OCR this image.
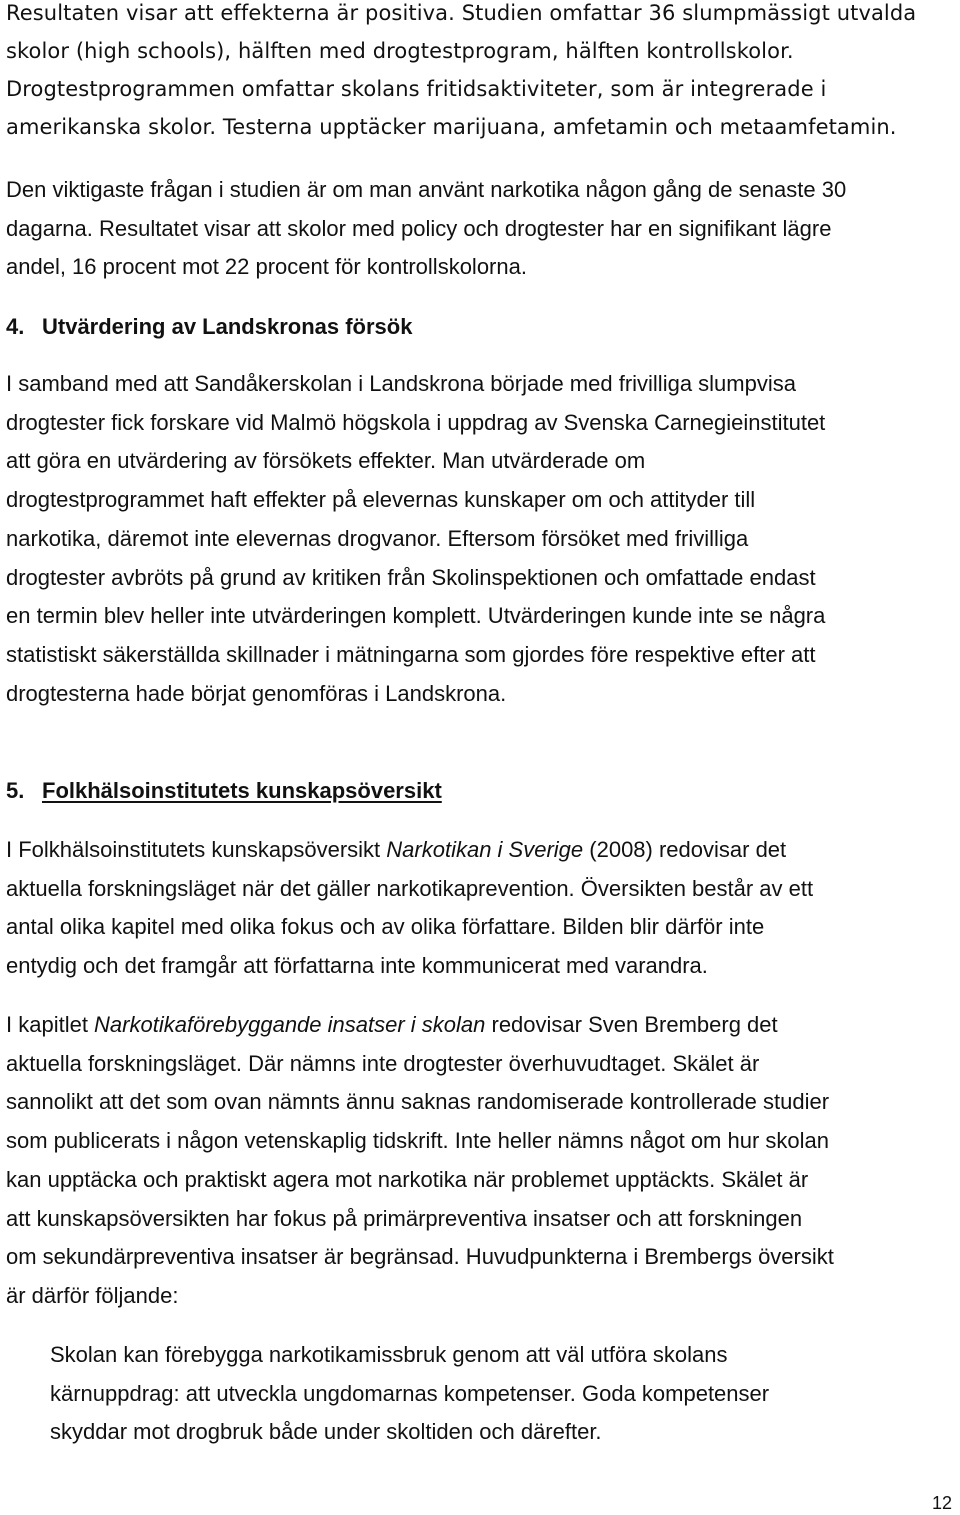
Resultaten visar att effekterna är positiva. Studien omfattar 36 slumpmässigt utvalda
skolor (high schools), hälften med drogtestprogram, hälften kontrollskolor.
Drogtestprogrammen omfattar skolans fritidsaktiviteter, som är integrerade i
amerikanska skolor. Testerna upptäcker marijuana, amfetamin och metaamfetamin.

Den viktigaste frågan i studien är om man använt narkotika någon gång de senaste 30
dagarna. Resultatet visar att skolor med policy och drogtester har en signifikant lägre
andel, 16 procent mot 22 procent för kontrollskolorna.

4. Utvärdering av Landskronas försök

I samband med att Sandåkerskolan i Landskrona började med frivilliga slumpvisa
drogtester fick forskare vid Malmö högskola i uppdrag av Svenska Carnegieinstitutet
att göra en utvärdering av försökets effekter. Man utvärderade om
drogtestprogrammet haft effekter på elevernas kunskaper om och attityder till
narkotika, däremot inte elevernas drogvanor. Eftersom försöket med frivilliga
drogtester avbröts på grund av kritiken från Skolinspektionen och omfattade endast
en termin blev heller inte utvärderingen komplett. Utvärderingen kunde inte se några
statistiskt säkerställda skillnader i mätningarna som gjordes före respektive efter att
drogtesterna hade börjat genomföras i Landskrona.

5. Folkhälsoinstitutets kunskapsöversikt

I Folkhälsoinstitutets kunskapsöversikt Narkotikan i Sverige (2008) redovisar det
aktuella forskningsläget när det gäller narkotikaprevention. Översikten består av ett
antal olika kapitel med olika fokus och av olika författare. Bilden blir därför inte
entydig och det framgår att författarna inte kommunicerat med varandra.

I kapitlet Narkotikaförebyggande insatser i skolan redovisar Sven Bremberg det
aktuella forskningsläget. Där nämns inte drogtester överhuvudtaget. Skälet är
sannolikt att det som ovan nämnts ännu saknas randomiserade kontrollerade studier
som publicerats i någon vetenskaplig tidskrift. Inte heller nämns något om hur skolan
kan upptäcka och praktiskt agera mot narkotika när problemet upptäckts. Skälet är
att kunskapsöversikten har fokus på primärpreventiva insatser och att forskningen
om sekundärpreventiva insatser är begränsad. Huvudpunkterna i Brembergs översikt
är därför följande:

Skolan kan förebygga narkotikamissbruk genom att väl utföra skolans
kärnuppdrag: att utveckla ungdomarnas kompetenser. Goda kompetenser
skyddar mot drogbruk både under skoltiden och därefter.

12
